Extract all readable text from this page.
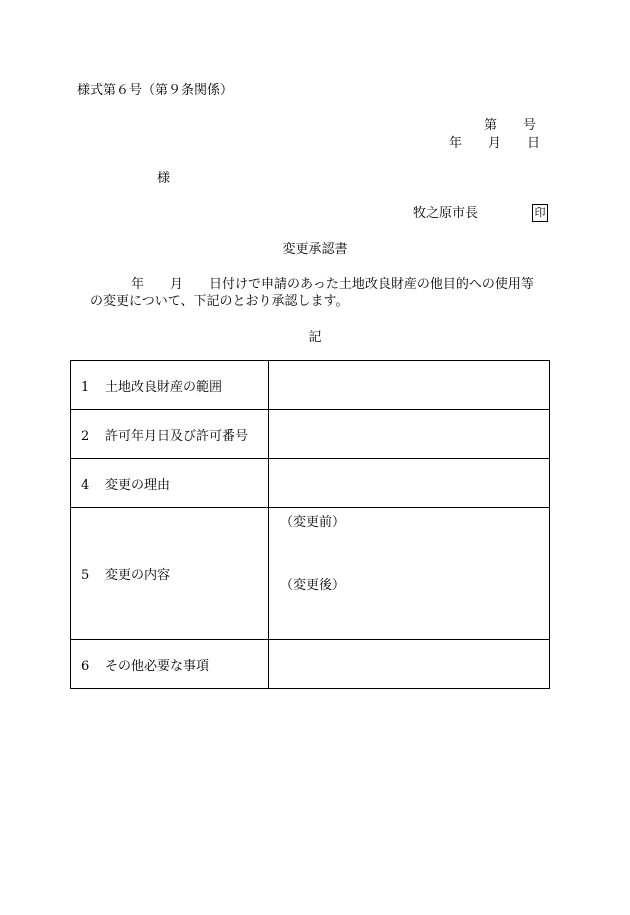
様式第６号（第９条関係）
第 号
年 月 日
様
牧之原市長	印
変更承認書
年 月 日付けで申請のあった土地改良財産の他目的への使用等
の変更について、下記のとおり承認します。
記
1 土地改良財産の範囲	
2 許可年月日及び許可番号	
4 変更の理由	
5 変更の内容	（変更前）
（変更後）

6 その他必要な事項	
